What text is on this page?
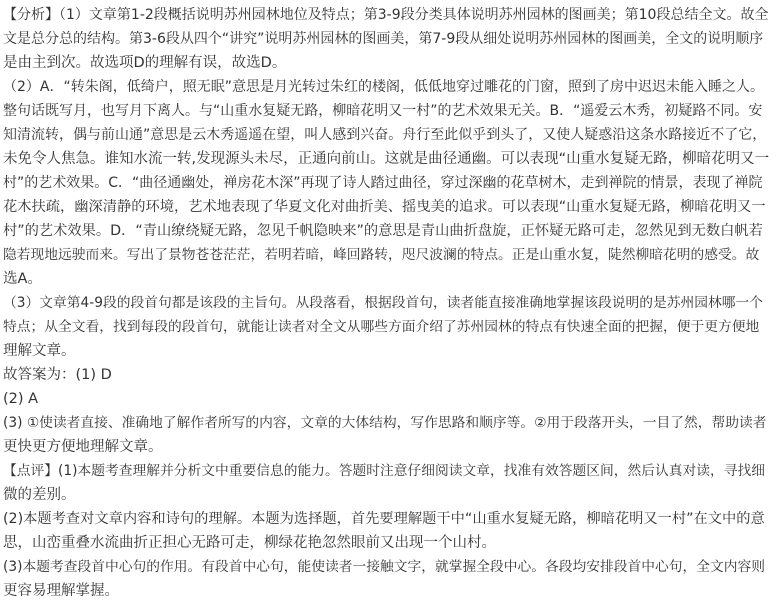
【分析】（1）文章第1-2段概括说明苏州园林地位及特点；第3-9段分类具体说明苏州园林的图画美；第10段总结全文。故全
文是总分总的结构。第3-6段从四个“讲究”说明苏州园林的图画美，第7-9段从细处说明苏州园林的图画美，全文的说明顺序
是由主到次。故选项D的理解有误，故选D。
（2）A．“转朱阁，低绮户，照无眠”意思是月光转过朱红的楼阁，低低地穿过雕花的门窗，照到了房中迟迟未能入睡之人。
整句话既写月，也写月下离人。与“山重水复疑无路，柳暗花明又一村”的艺术效果无关。B．“遥爱云木秀，初疑路不同。安
知清流转，偶与前山通”意思是云木秀遥遥在望，叫人感到兴奋。舟行至此似乎到头了，又使人疑惑沿这条水路接近不了它，
未免令人焦急。谁知水流一转,发现源头未尽，正通向前山。这就是曲径通幽。可以表现“山重水复疑无路，柳暗花明又一
村”的艺术效果。C．“曲径通幽处，禅房花木深”再现了诗人踏过曲径，穿过深幽的花草树木，走到禅院的情景，表现了禅院
花木扶疏，幽深清静的环境，艺术地表现了华夏文化对曲折美、摇曳美的追求。可以表现“山重水复疑无路，柳暗花明又一
村”的艺术效果。D．“青山缭绕疑无路，忽见千帆隐映来”的意思是青山曲折盘旋，正怀疑无路可走，忽然见到无数白帆若
隐若现地远驶而来。写出了景物苍苍茫茫，若明若暗，峰回路转，咫尺波澜的特点。正是山重水复，陡然柳暗花明的感受。故
选A。
（3）文章第4-9段的段首句都是该段的主旨句。从段落看，根据段首句，读者能直接准确地掌握该段说明的是苏州园林哪一个
特点；从全文看，找到每段的段首句，就能让读者对全文从哪些方面介绍了苏州园林的特点有快速全面的把握，便于更方便地
理解文章。
故答案为：(1) D
(2) A
(3) ①使读者直接、准确地了解作者所写的内容，文章的大体结构，写作思路和顺序等。②用于段落开头，一目了然，帮助读者
更快更方便地理解文章。
【点评】(1)本题考查理解并分析文中重要信息的能力。答题时注意仔细阅读文章，找准有效答题区间，然后认真对读，寻找细
微的差别。
(2)本题考查对文章内容和诗句的理解。本题为选择题，首先要理解题干中“山重水复疑无路，柳暗花明又一村”在文中的意
思，山峦重叠水流曲折正担心无路可走，柳绿花艳忽然眼前又出现一个山村。
(3)本题考查段首中心句的作用。有段首中心句，能使读者一接触文字，就掌握全段中心。各段均安排段首中心句，全文内容则
更容易理解掌握。
